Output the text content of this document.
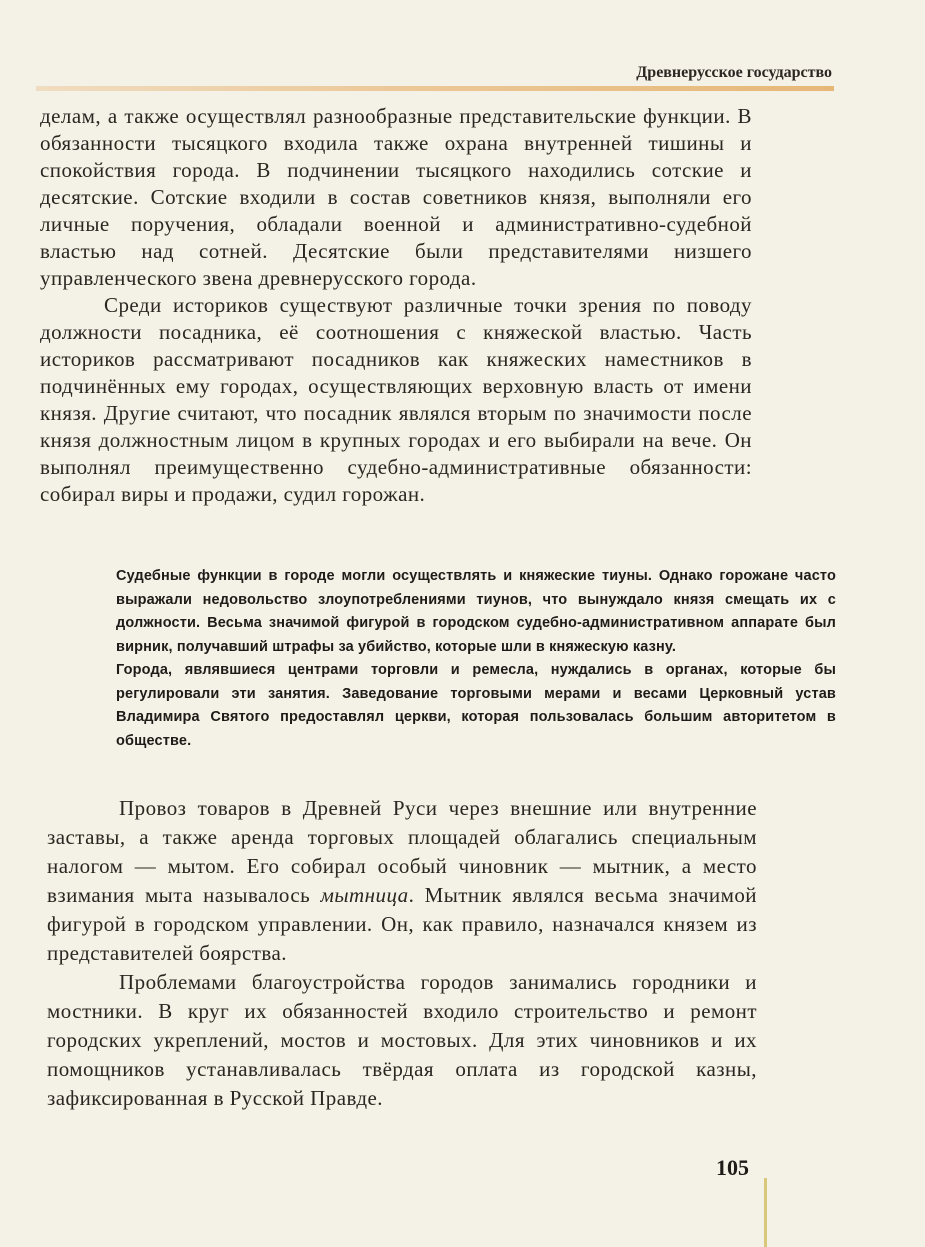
Древнерусское государство

делам, а также осуществлял разнообразные представительские функции. В обязанности тысяцкого входила также охрана внутренней тишины и спокойствия города. В подчинении тысяцкого находились сотские и десятские. Сотские входили в состав советников князя, выполняли его личные поручения, обладали военной и административно-судебной властью над сотней. Десятские были представителями низшего управленческого звена древнерусского города.

Среди историков существуют различные точки зрения по поводу должности посадника, её соотношения с княжеской властью. Часть историков рассматривают посадников как княжеских наместников в подчинённых ему городах, осуществляющих верховную власть от имени князя. Другие считают, что посадник являлся вторым по значимости после князя должностным лицом в крупных городах и его выбирали на вече. Он выполнял преимущественно судебно-административные обязанности: собирал виры и продажи, судил горожан.

Судебные функции в городе могли осуществлять и княжеские тиуны. Однако горожане часто выражали недовольство злоупотреблениями тиунов, что вынуждало князя смещать их с должности. Весьма значимой фигурой в городском судебно-административном аппарате был вирник, получавший штрафы за убийство, которые шли в княжескую казну.

Города, являвшиеся центрами торговли и ремесла, нуждались в органах, которые бы регулировали эти занятия. Заведование торговыми мерами и весами Церковный устав Владимира Святого предоставлял церкви, которая пользовалась большим авторитетом в обществе.

Провоз товаров в Древней Руси через внешние или внутренние заставы, а также аренда торговых площадей облагались специальным налогом — мытом. Его собирал особый чиновник — мытник, а место взимания мыта называлось мытница. Мытник являлся весьма значимой фигурой в городском управлении. Он, как правило, назначался князем из представителей боярства.

Проблемами благоустройства городов занимались городники и мостники. В круг их обязанностей входило строительство и ремонт городских укреплений, мостов и мостовых. Для этих чиновников и их помощников устанавливалась твёрдая оплата из городской казны, зафиксированная в Русской Правде.

105
